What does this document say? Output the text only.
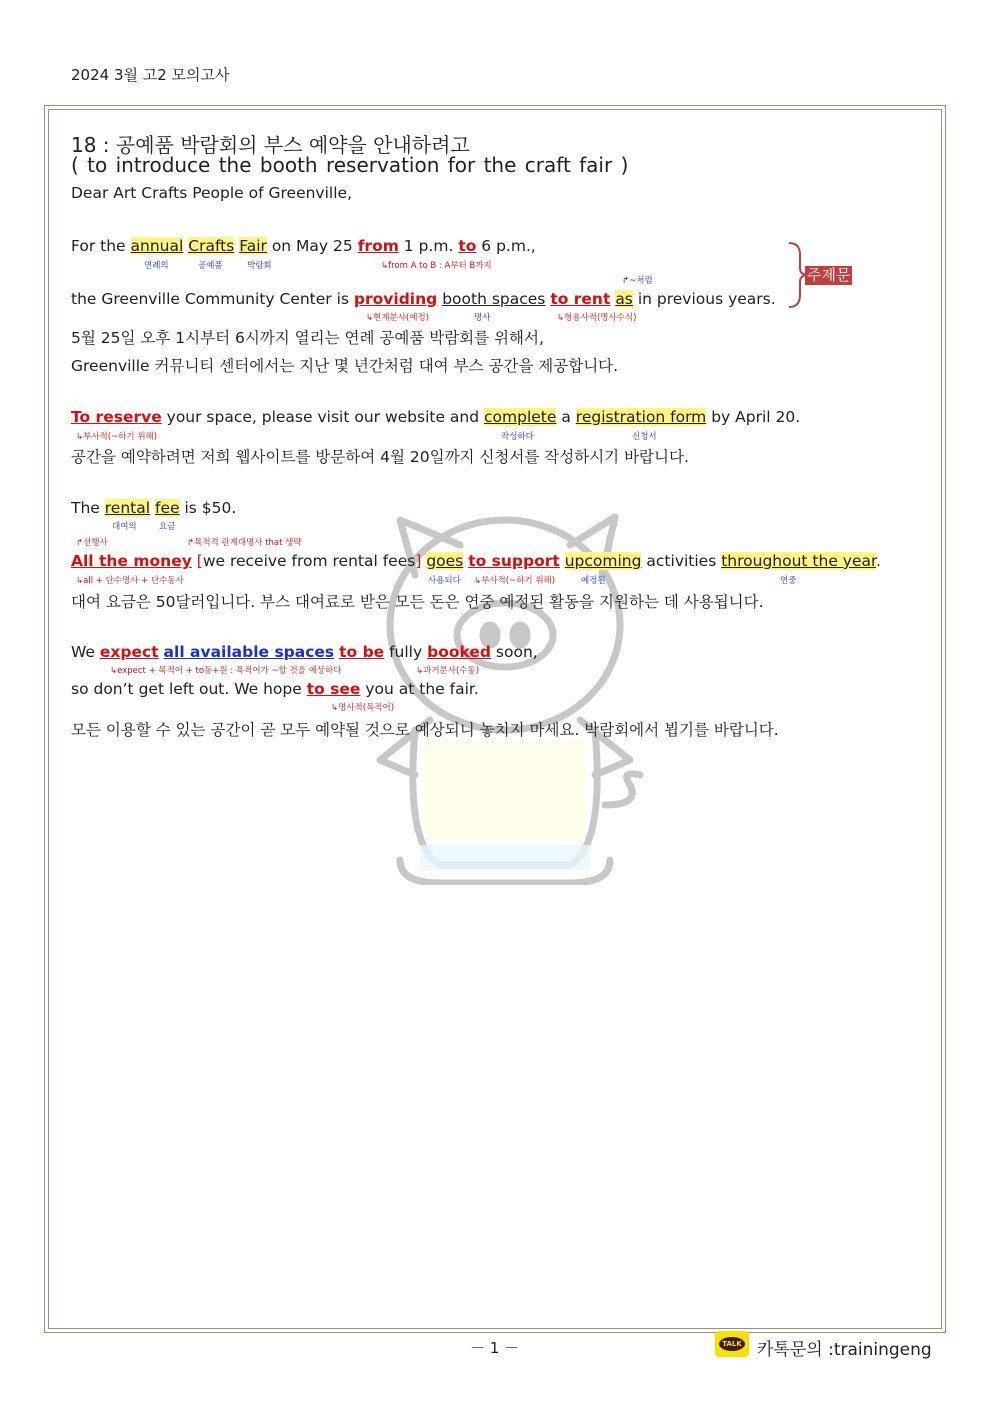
2024 3월 고2 모의고사
18 : 공예품 박람회의 부스 예약을 안내하려고
( to introduce the booth reservation for the craft fair )
Dear Art Crafts People of Greenville,
For the annual Crafts Fair on May 25 from 1 p.m. to 6 p.m.,
연례의	공예품	박람회	↳from A to B : A부터 B까지
↱~처럼
the Greenville Community Center is providing booth spaces to rent as in previous years.
↳현재분사(예정)	명사	↳형용사적(명사수식)
주제문
5월 25일 오후 1시부터 6시까지 열리는 연례 공예품 박람회를 위해서,
Greenville 커뮤니티 센터에서는 지난 몇 년간처럼 대여 부스 공간을 제공합니다.
To reserve your space, please visit our website and complete a registration form by April 20.
↳부사적(~하기 위해)	작성하다	신청서
공간을 예약하려면 저희 웹사이트를 방문하여 4월 20일까지 신청서를 작성하시기 바랍니다.
The rental fee is $50.
대여의	요금
↱선행사	↱목적격 관계대명사 that 생략
All the money [we receive from rental fees] goes to support upcoming activities throughout the year.
↳all + 단수명사 + 단수동사	사용되다 ↳부사적(~하기 위해)	예정된	연중
대여 요금은 50달러입니다. 부스 대여료로 받은 모든 돈은 연중 예정된 활동을 지원하는 데 사용됩니다.
We expect all available spaces to be fully booked soon,
↳expect + 목적어 + to동+원 : 목적어가 ~할 것을 예상하다	↳과거분사(수동)
so don’t get left out. We hope to see you at the fair.
↳명사적(목적어)
모든 이용할 수 있는 공간이 곧 모두 예약될 것으로 예상되니 놓치지 마세요. 박람회에서 뵙기를 바랍니다.
－ 1 －	TALK 카톡문의 :trainingeng
